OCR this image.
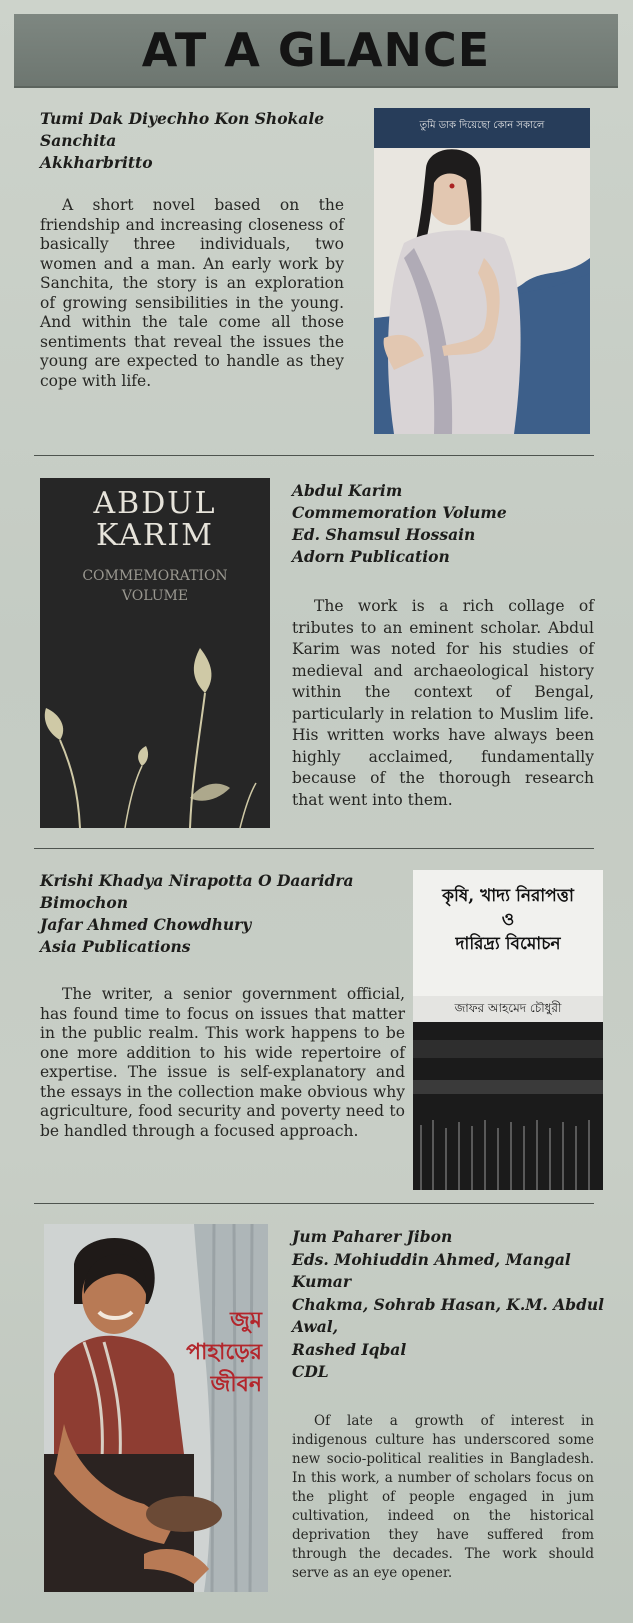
AT A GLANCE
Tumi Dak Diyechho Kon Shokale
Sanchita
Akkharbritto

A short novel based on the friendship and increasing closeness of basically three individuals, two women and a man. An early work by Sanchita, the story is an exploration of growing sensibilities in the young. And within the tale come all those sentiments that reveal the issues the young are expected to handle as they cope with life.

তুমি ডাক দিয়েছো কোন সকালে
ABDUL
KARIM
COMMEMORATION
VOLUME
Abdul Karim
Commemoration Volume
Ed. Shamsul Hossain
Adorn Publication

The work is a rich collage of tributes to an eminent scholar. Abdul Karim was noted for his studies of medieval and archaeological history within the context of Bengal, particularly in relation to Muslim life. His written works have always been highly acclaimed, fundamentally because of the thorough research that went into them.

Krishi Khadya Nirapotta O Daaridra
Bimochon
Jafar Ahmed Chowdhury
Asia Publications

The writer, a senior government official, has found time to focus on issues that matter in the public realm. This work happens to be one more addition to his wide repertoire of expertise. The issue is self-explanatory and the essays in the collection make obvious why agriculture, food security and poverty need to be handled through a focused approach.

কৃষি, খাদ্য নিরাপত্তা
ও
দারিদ্র্য বিমোচন
জাফর আহমেদ চৌধুরী
জুম
পাহাড়ের
জীবন
Jum Paharer Jibon
Eds. Mohiuddin Ahmed, Mangal
Kumar
Chakma, Sohrab Hasan, K.M. Abdul
Awal,
Rashed Iqbal
CDL

Of late a growth of interest in indigenous culture has underscored some new socio-political realities in Bangladesh. In this work, a number of scholars focus on the plight of people engaged in jum cultivation, indeed on the historical deprivation they have suffered from through the decades. The work should serve as an eye opener.
